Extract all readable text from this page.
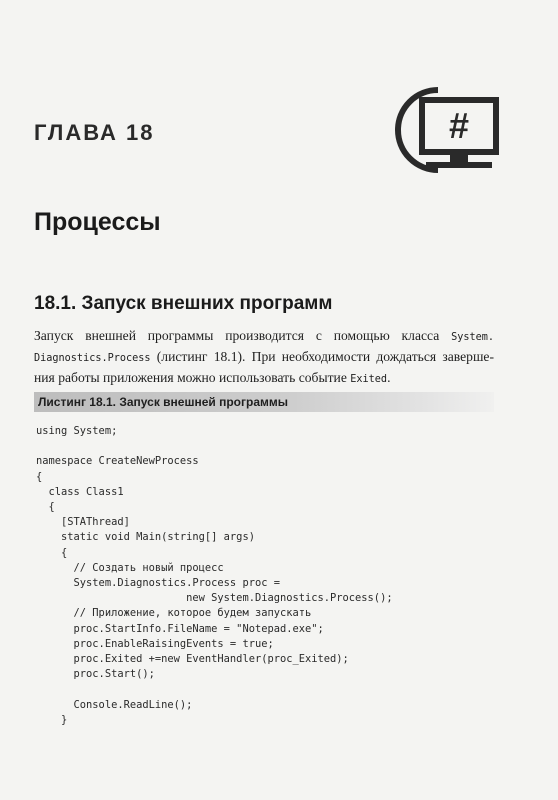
ГЛАВА 18	#
Процессы
18.1. Запуск внешних программ
Запуск внешней программы производится с помощью класса System. Diagnostics.Process (листинг 18.1). При необходимости дождаться заверше-ния работы приложения можно использовать событие Exited.
Листинг 18.1. Запуск внешней программы
using System;
namespace CreateNewProcess
{
class Class1
{
[STAThread]
static void Main(string[] args)
{
// Создать новый процесс
System.Diagnostics.Process proc =
new System.Diagnostics.Process();
// Приложение, которое будем запускать
proc.StartInfo.FileName = "Notepad.exe";
proc.EnableRaisingEvents = true;
proc.Exited +=new EventHandler(proc_Exited);
proc.Start();
Console.ReadLine();
}
